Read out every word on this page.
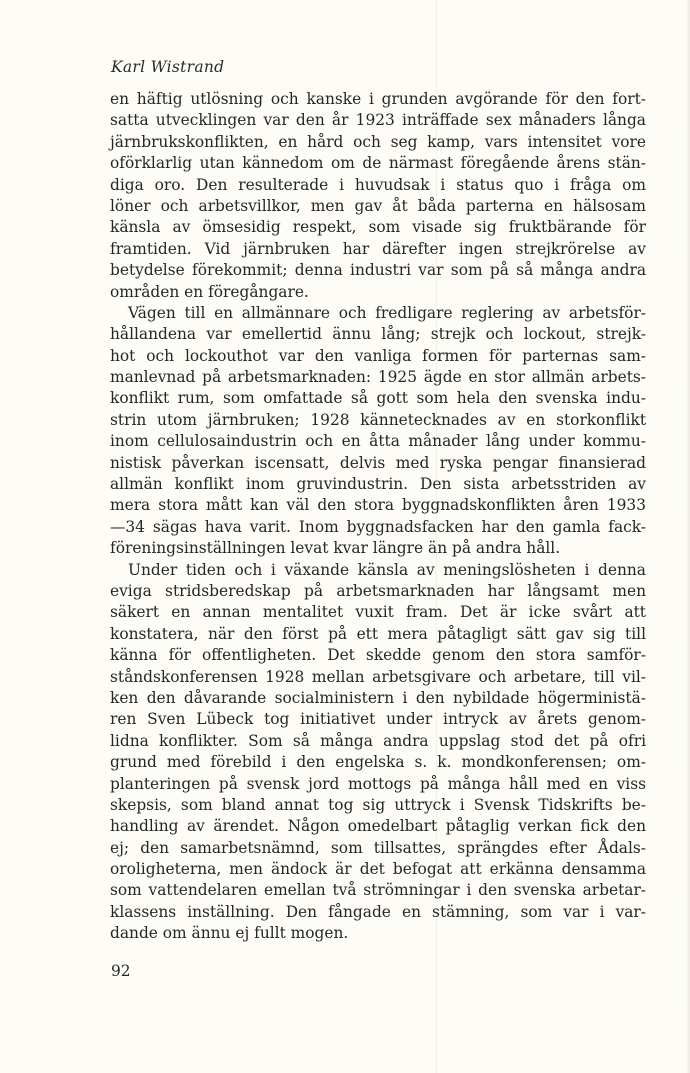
Karl Wistrand
en häftig utlösning och kanske i grunden avgörande för den fort-
satta utvecklingen var den år 1923 inträffade sex månaders långa
järnbrukskonflikten, en hård och seg kamp, vars intensitet vore
oförklarlig utan kännedom om de närmast föregående årens stän-
diga oro. Den resulterade i huvudsak i status quo i fråga om
löner och arbetsvillkor, men gav åt båda parterna en hälsosam
känsla av ömsesidig respekt, som visade sig fruktbärande för
framtiden. Vid järnbruken har därefter ingen strejkrörelse av
betydelse förekommit; denna industri var som på så många andra
områden en föregångare.
Vägen till en allmännare och fredligare reglering av arbetsför-
hållandena var emellertid ännu lång; strejk och lockout, strejk-
hot och lockouthot var den vanliga formen för parternas sam-
manlevnad på arbetsmarknaden: 1925 ägde en stor allmän arbets-
konflikt rum, som omfattade så gott som hela den svenska indu-
strin utom järnbruken; 1928 kännetecknades av en storkonflikt
inom cellulosaindustrin och en åtta månader lång under kommu-
nistisk påverkan iscensatt, delvis med ryska pengar finansierad
allmän konflikt inom gruvindustrin. Den sista arbetsstriden av
mera stora mått kan väl den stora byggnadskonflikten åren 1933
—34 sägas hava varit. Inom byggnadsfacken har den gamla fack-
föreningsinställningen levat kvar längre än på andra håll.
Under tiden och i växande känsla av meningslösheten i denna
eviga stridsberedskap på arbetsmarknaden har långsamt men
säkert en annan mentalitet vuxit fram. Det är icke svårt att
konstatera, när den först på ett mera påtagligt sätt gav sig till
känna för offentligheten. Det skedde genom den stora samför-
ståndskonferensen 1928 mellan arbetsgivare och arbetare, till vil-
ken den dåvarande socialministern i den nybildade högerministä-
ren Sven Lübeck tog initiativet under intryck av årets genom-
lidna konflikter. Som så många andra uppslag stod det på ofri
grund med förebild i den engelska s. k. mondkonferensen; om-
planteringen på svensk jord mottogs på många håll med en viss
skepsis, som bland annat tog sig uttryck i Svensk Tidskrifts be-
handling av ärendet. Någon omedelbart påtaglig verkan fick den
ej; den samarbetsnämnd, som tillsattes, sprängdes efter Ådals-
oroligheterna, men ändock är det befogat att erkänna densamma
som vattendelaren emellan två strömningar i den svenska arbetar-
klassens inställning. Den fångade en stämning, som var i var-
dande om ännu ej fullt mogen.
92
